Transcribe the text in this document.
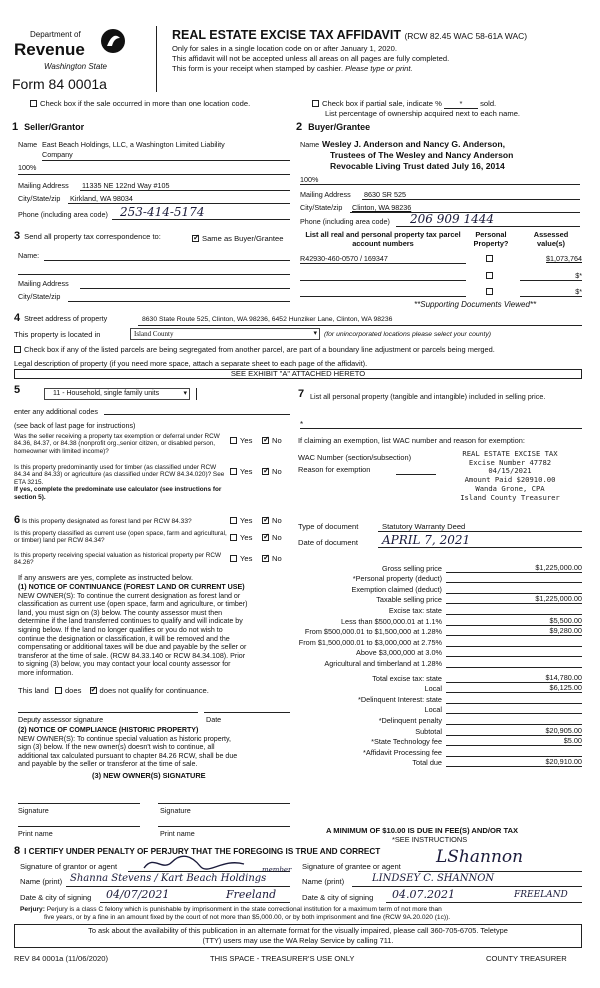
Department of
Revenue
Washington State
Form 84 0001a
REAL ESTATE EXCISE TAX AFFIDAVIT (RCW 82.45 WAC 58-61A WAC)
Only for sales in a single location code on or after January 1, 2020.
This affidavit will not be accepted unless all areas on all pages are fully completed.
This form is your receipt when stamped by cashier. Please type or print.
Check box if the sale occurred in more than one location code.	Check box if partial sale, indicate % * sold.
List percentage of ownership acquired next to each name.
1 Seller/Grantor
Name East Beach Holdings, LLC, a Washington Limited Liability
Company
100%
Mailing Address 11335 NE 122nd Way #105
City/State/zip Kirkland, WA 98034
Phone (including area code) 253-414-5174
2 Buyer/Grantee
Name Wesley J. Anderson and Nancy G. Anderson,
Trustees of The Wesley and Nancy Anderson
Revocable Living Trust dated July 16, 2014
100%
Mailing Address 8630 SR 525
City/State/zip Clinton, WA 98236
Phone (including area code) 206 909 1444
3 Send all property tax correspondence to: ✓	Same as Buyer/Grantee
Name:
Mailing Address
City/State/zip
List all real and personal property tax parcel account numbers
Personal Property?
Assessed value(s)
R42930-460-0570 / 169347	$1,073,764
$*
$*
**Supporting Documents Viewed**
4 Street address of property	8630 State Route 525, Clinton, WA 98236, 6452 Hunziker Lane, Clinton, WA 98236
This property is located in	Island County	▾ (for unincorporated locations please select your county)
Check box if any of the listed parcels are being segregated from another parcel, are part of a boundary line adjustment or parcels being merged.
Legal description of property (if you need more space, attach a separate sheet to each page of the affidavit).
SEE EXHIBIT "A" ATTACHED HERETO
5	11 - Household, single family units	▾
enter any additional codes
(see back of last page for instructions)
Was the seller receiving a property tax exemption or deferral under RCW 84.36, 84.37, or 84.38 (nonprofit org.,senior citizen, or disabled person, homeowner with limited income)?
Yes ✓	No
Is this property predominantly used for timber (as classified under RCW 84.34 and 84.33) or agriculture (as classified under RCW 84.34.020)? See ETA 3215.
If yes, complete the predominate use calculator (see instructions for section 5).
Yes ✓	No
6 Is this property designated as forest land per RCW 84.33?	Yes ✓	No
Is this property classified as current use (open space, farm and agricultural, or timber) land per RCW 84.34?	Yes ✓	No
Is this property receiving special valuation as historical property per RCW 84.26?	Yes ✓	No
If any answers are yes, complete as instructed below.
(1) NOTICE OF CONTINUANCE (FOREST LAND OR CURRENT USE)
NEW OWNER(S): To continue the current designation as forest land or
classification as current use (open space, farm and agriculture, or timber)
land, you must sign on (3) below. The county assessor must then
determine if the land transferred continues to qualify and will indicate by
signing below. If the land no longer qualifies or you do not wish to
continue the designation or classification, it will be removed and the
compensating or additional taxes will be due and payable by the seller or
transferor at the time of sale. (RCW 84.33.140 or RCW 84.34.108). Prior
to signing (3) below, you may contact your local county assessor for
more information.
This land does ✓ does not qualify for continuance.
Deputy assessor signature	Date
(2) NOTICE OF COMPLIANCE (HISTORIC PROPERTY)
NEW OWNER(S): To continue special valuation as historic property,
sign (3) below. If the new owner(s) doesn't wish to continue, all
additional tax calculated pursuant to chapter 84.26 RCW, shall be due
and payable by the seller or transferor at the time of sale.
(3) NEW OWNER(S) SIGNATURE
Signature	Signature
Print name	Print name
7 List all personal property (tangible and intangible) included in selling price.
*
If claiming an exemption, list WAC number and reason for exemption:
WAC Number (section/subsection)
Reason for exemption
REAL ESTATE EXCISE TAX
Excise Number 47782
04/15/2021
Amount Paid $20910.00
Wanda Grone, CPA
Island County Treasurer
Type of document	Statutory Warranty Deed
Date of document APRIL 7, 2021
Gross selling price	$1,225,000.00
*Personal property (deduct)
Exemption claimed (deduct)
Taxable selling price	$1,225,000.00
Excise tax: state
Less than $500,000.01 at 1.1%	$5,500.00
From $500,000.01 to $1,500,000 at 1.28%	$9,280.00
From $1,500,000.01 to $3,000,000 at 2.75%
Above $3,000,000 at 3.0%
Agricultural and timberland at 1.28%
Total excise tax: state	$14,780.00
Local	$6,125.00
*Delinquent Interest: state
Local
*Delinquent penalty
Subtotal	$20,905.00
*State Technology fee	$5.00
*Affidavit Processing fee
Total due	$20,910.00
A MINIMUM OF $10.00 IS DUE IN FEE(S) AND/OR TAX
*SEE INSTRUCTIONS
8 I CERTIFY UNDER PENALTY OF PERJURY THAT THE FOREGOING IS TRUE AND CORRECT
Signature of grantor or agent	Signature of grantee or agent LShannon
Name (print) Shanna Stevens / Kart Beach Holdings
member
Name (print)	LINDSEY C. SHANNON
Date & city of signing 04/07/2021	Freeland	Date & city of signing 04.07.2021	FREELAND
Perjury: Perjury is a class C felony which is punishable by imprisonment in the state correctional institution for a maximum term of not more than
five years, or by a fine in an amount fixed by the court of not more than $5,000.00, or by both imprisonment and fine (RCW 9A.20.020 (1c)).
To ask about the availability of this publication in an alternate format for the visually impaired, please call 360-705-6705. Teletype
(TTY) users may use the WA Relay Service by calling 711.
REV 84 0001a (11/06/2020)	THIS SPACE - TREASURER'S USE ONLY	COUNTY TREASURER
